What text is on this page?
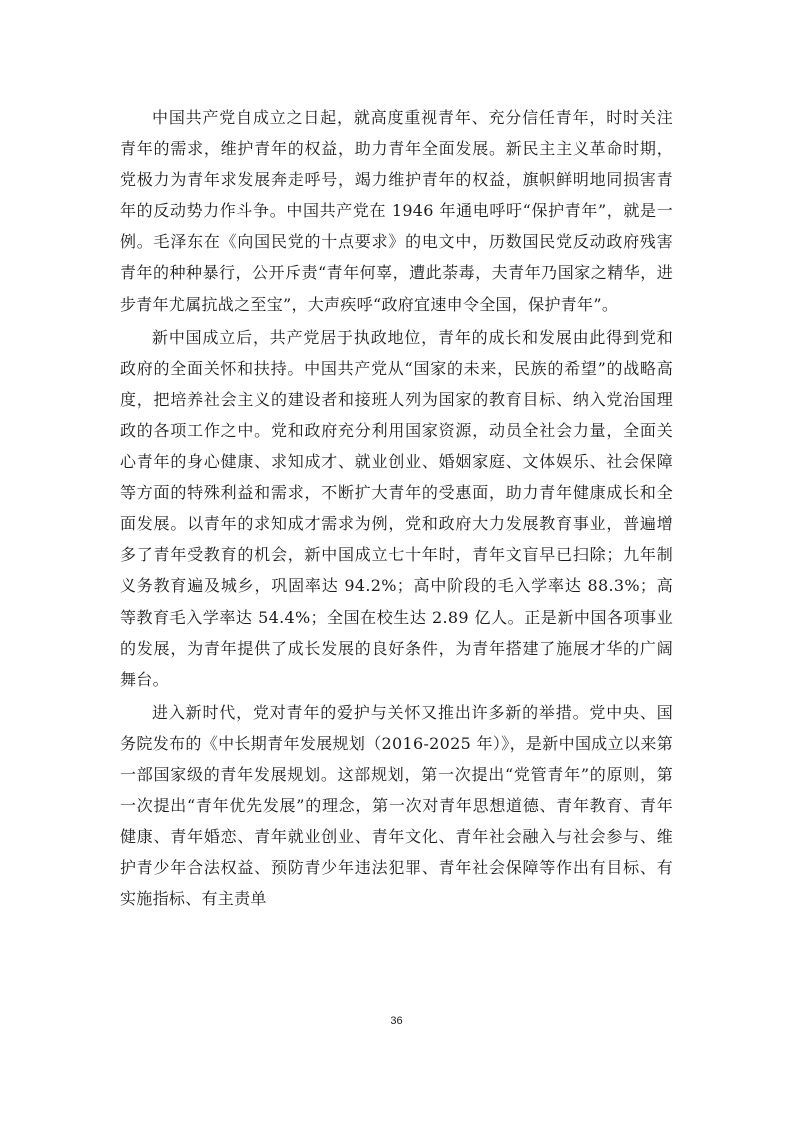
中国共产党自成立之日起，就高度重视青年、充分信任青年，时时关注青年的需求，维护青年的权益，助力青年全面发展。新民主主义革命时期，党极力为青年求发展奔走呼号，竭力维护青年的权益，旗帜鲜明地同损害青年的反动势力作斗争。中国共产党在 1946 年通电呼吁“保护青年”，就是一例。毛泽东在《向国民党的十点要求》的电文中，历数国民党反动政府残害青年的种种暴行，公开斥责“青年何辜，遭此荼毒，夫青年乃国家之精华，进步青年尤属抗战之至宝”，大声疾呼“政府宜速申令全国，保护青年”。

新中国成立后，共产党居于执政地位，青年的成长和发展由此得到党和政府的全面关怀和扶持。中国共产党从“国家的未来，民族的希望”的战略高度，把培养社会主义的建设者和接班人列为国家的教育目标、纳入党治国理政的各项工作之中。党和政府充分利用国家资源，动员全社会力量，全面关心青年的身心健康、求知成才、就业创业、婚姻家庭、文体娱乐、社会保障等方面的特殊利益和需求，不断扩大青年的受惠面，助力青年健康成长和全面发展。以青年的求知成才需求为例，党和政府大力发展教育事业，普遍增多了青年受教育的机会，新中国成立七十年时，青年文盲早已扫除；九年制义务教育遍及城乡，巩固率达 94.2%；高中阶段的毛入学率达 88.3%；高等教育毛入学率达 54.4%；全国在校生达 2.89 亿人。正是新中国各项事业的发展，为青年提供了成长发展的良好条件，为青年搭建了施展才华的广阔舞台。

进入新时代，党对青年的爱护与关怀又推出许多新的举措。党中央、国务院发布的《中长期青年发展规划（2016-2025 年）》，是新中国成立以来第一部国家级的青年发展规划。这部规划，第一次提出“党管青年”的原则，第一次提出“青年优先发展”的理念，第一次对青年思想道德、青年教育、青年健康、青年婚恋、青年就业创业、青年文化、青年社会融入与社会参与、维护青少年合法权益、预防青少年违法犯罪、青年社会保障等作出有目标、有实施指标、有主责单

36
